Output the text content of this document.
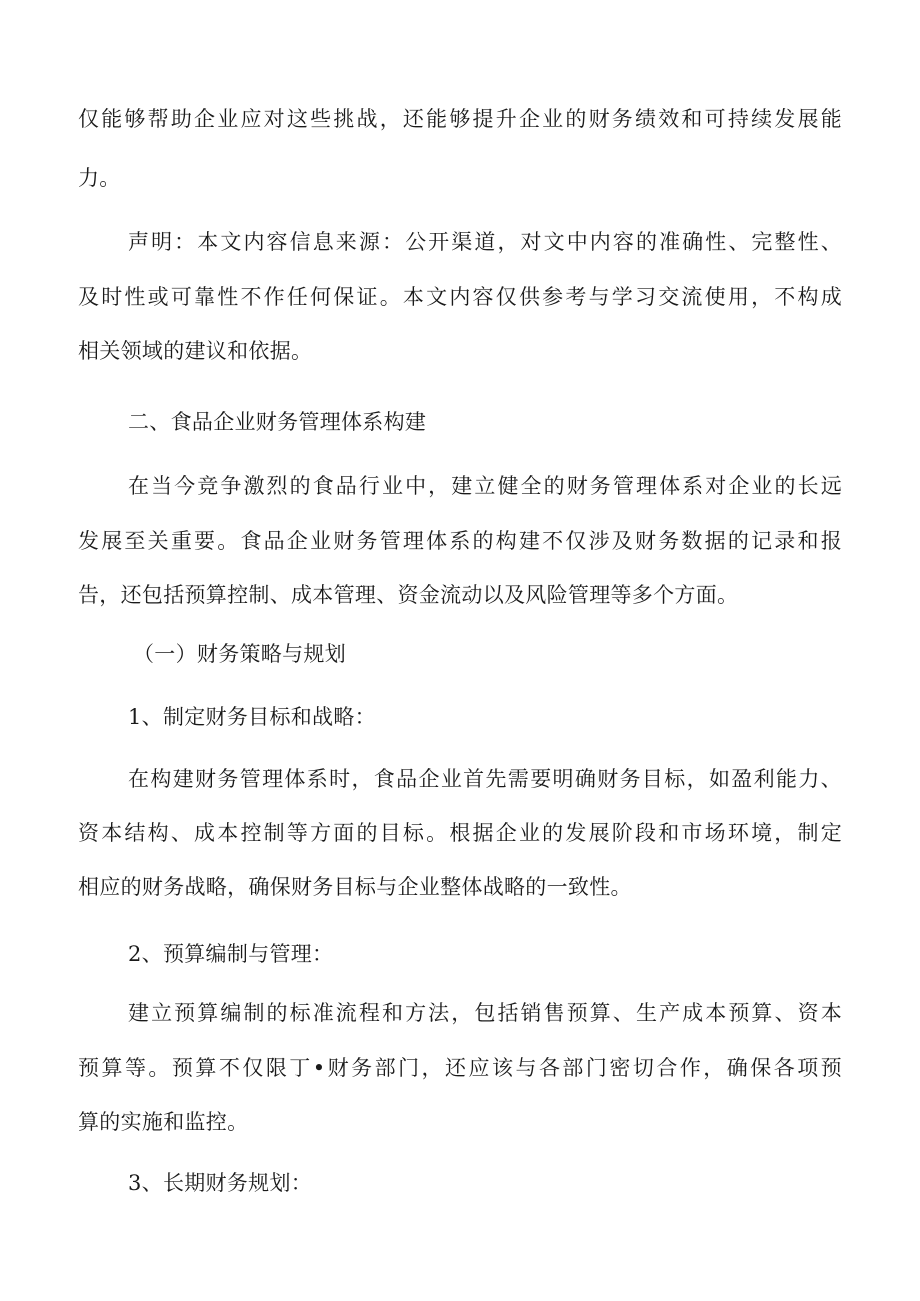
仅能够帮助企业应对这些挑战，还能够提升企业的财务绩效和可持续发展能
力。
声明：本文内容信息来源：公开渠道，对文中内容的准确性、完整性、
及时性或可靠性不作任何保证。本文内容仅供参考与学习交流使用，不构成
相关领域的建议和依据。
二、食品企业财务管理体系构建
在当今竞争激烈的食品行业中，建立健全的财务管理体系对企业的长远
发展至关重要。食品企业财务管理体系的构建不仅涉及财务数据的记录和报
告，还包括预算控制、成本管理、资金流动以及风险管理等多个方面。
（一）财务策略与规划
1、制定财务目标和战略：
在构建财务管理体系时，食品企业首先需要明确财务目标，如盈利能力、
资本结构、成本控制等方面的目标。根据企业的发展阶段和市场环境，制定
相应的财务战略，确保财务目标与企业整体战略的一致性。
2、预算编制与管理：
建立预算编制的标准流程和方法，包括销售预算、生产成本预算、资本
预算等。预算不仅限丁•财务部门，还应该与各部门密切合作，确保各项预
算的实施和监控。
3、长期财务规划：
